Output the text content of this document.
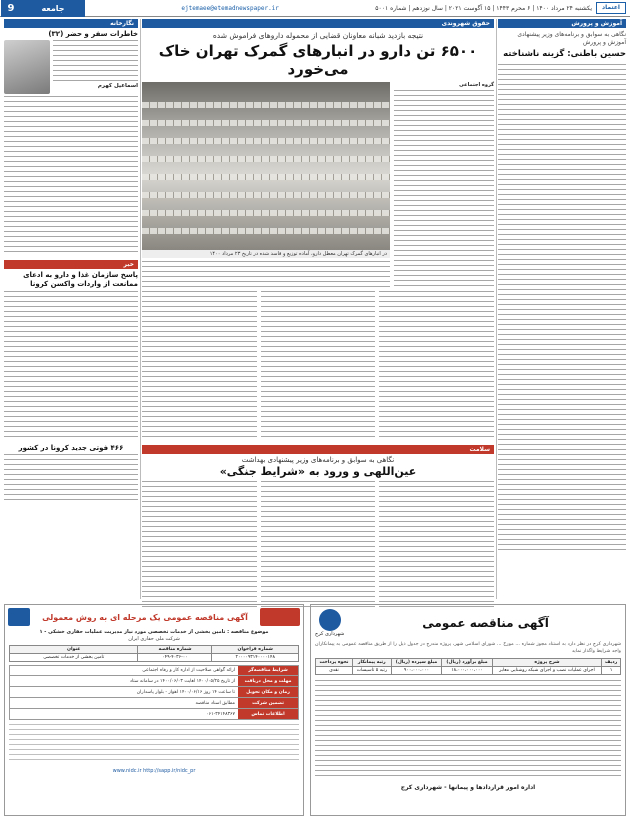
اعتماد
یکشنبه ۲۴ مرداد ۱۴۰۰ | ۶ محرم ۱۴۴۳ | ۱۵ آگوست ۲۰۲۱ | سال نوزدهم | شماره ۵۰۰۱
ejtemaee@etemadnewspaper.ir
جامعه
9
آموزش و پرورش
نگاهی به سوابق و برنامه‌های وزیر پیشنهادی آموزش و پرورش
حسین باطنی: گزینه ناشناخته
حقوق شهروندی
نتیجه بازدید شبانه معاونان قضایی از محموله داروهای فراموش شده
۶۵۰۰ تن دارو در انبارهای گمرک تهران خاک می‌خورد
گروه اجتماعی
در انبارهای گمرک تهران معطل دارو، آماده توزیع و فاسد شده در تاریخ ۲۳ مرداد ۱۴۰۰
سلامت
نگاهی به سوابق و برنامه‌های وزیر پیشنهادی بهداشت
عین‌اللهی و ورود به «شرایط جنگی»
نگارخانه
خاطرات سفر و حضر (۳۲)
اسماعیل کهرم
خبر
پاسخ سازمان غذا و دارو به ادعای ممانعت از واردات واکسن کرونا
۴۶۶ فوتی جدید کرونا در کشور
آگهی مناقصه عمومی یک مرحله ای به روش معمولی
موضوع مناقصه : تامین بخشی از خدمات تخصصی مورد نیاز مدیریت عملیات حفاری خشکی - ۱
شرکت ملی حفاری ایران
شماره فراخوان	شماره مناقصه	عنوان
۲۰۰۰۰۹۳۱۴۰۰۰۰۱۴۸	۰۴۹-۴۰۳۶-۰۰	تامین بخشی از خدمات تخصصی
شرایط مناقصه‌گر
ارائه گواهی صلاحیت از اداره کار و رفاه اجتماعی
مهلت و محل دریافت
از تاریخ ۱۴۰۰/۰۵/۲۵ لغایت ۱۴۰۰/۰۶/۰۳ در سامانه ستاد
زمان و مکان تحویل
تا ساعت ۱۴ روز ۱۴۰۰/۰۶/۱۶ اهواز - بلوار پاسداران
تضمین شرکت
مطابق اسناد مناقصه
اطلاعات تماس
۰۶۱-۳۴۱۴۸۳۶۷
www.nidc.ir http://sapp.ir/nidc_pr
آگهی مناقصه عمومی
شهرداری کرج
شهرداری کرج در نظر دارد به استناد مجوز شماره ... مورخ ... شورای اسلامی شهر، پروژه مندرج در جدول ذیل را از طریق مناقصه عمومی به پیمانکاران واجد شرایط واگذار نماید
ردیف	شرح پروژه	مبلغ برآورد (ریال)	مبلغ سپرده (ریال)	رتبه پیمانکار	نحوه پرداخت
۱	اجرای عملیات نصب و اجرای شبکه روشنایی معابر	۱۸،۰۰۰،۰۰۰،۰۰۰	۹۰۰،۰۰۰،۰۰۰	رتبه ۵ تاسیسات	نقدی
اداره امور قراردادها و پیمانها - شهرداری کرج
